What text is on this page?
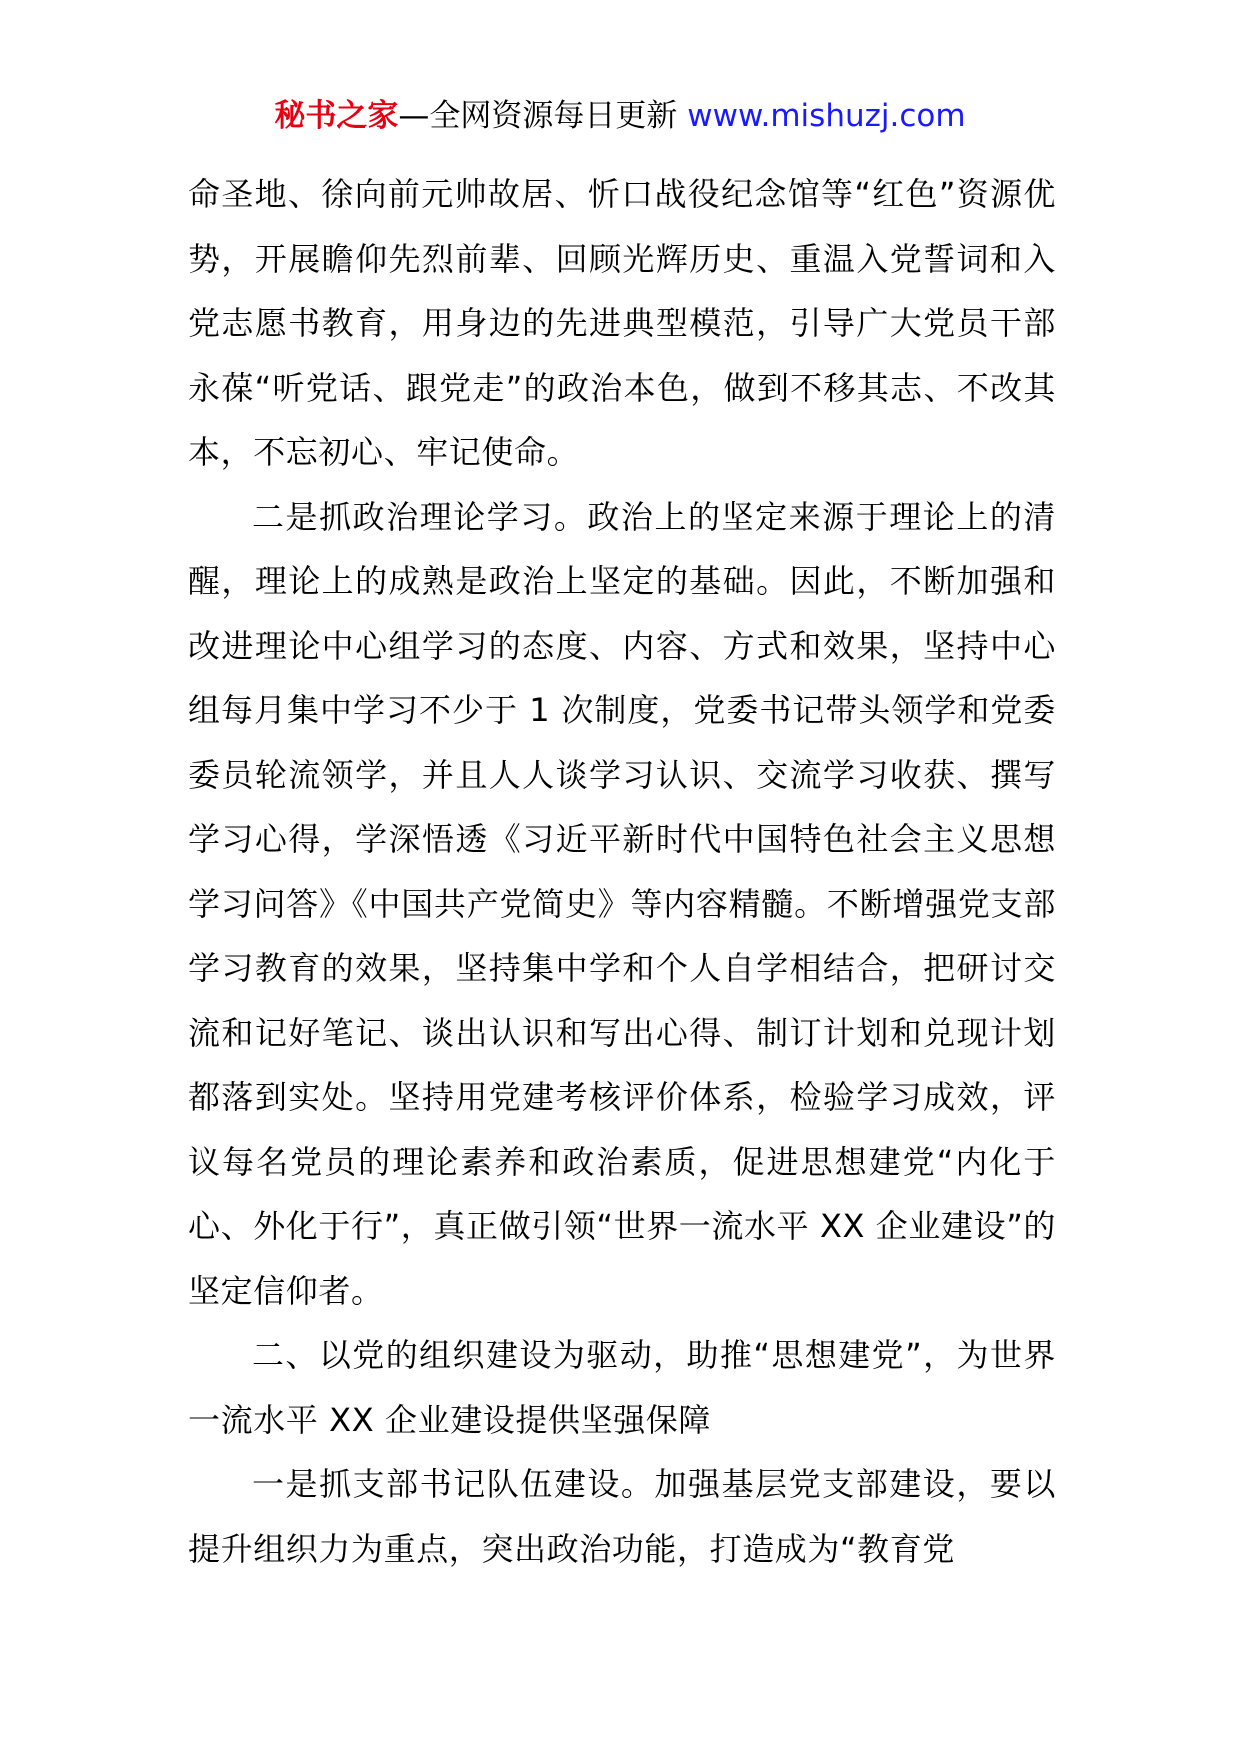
秘书之家—全网资源每日更新 www.mishuzj.com

命圣地、徐向前元帅故居、忻口战役纪念馆等“红色”资源优势，开展瞻仰先烈前辈、回顾光辉历史、重温入党誓词和入党志愿书教育，用身边的先进典型模范，引导广大党员干部永葆“听党话、跟党走”的政治本色，做到不移其志、不改其本，不忘初心、牢记使命。

二是抓政治理论学习。政治上的坚定来源于理论上的清醒，理论上的成熟是政治上坚定的基础。因此，不断加强和改进理论中心组学习的态度、内容、方式和效果，坚持中心组每月集中学习不少于 1 次制度，党委书记带头领学和党委委员轮流领学，并且人人谈学习认识、交流学习收获、撰写学习心得，学深悟透《习近平新时代中国特色社会主义思想学习问答》《中国共产党简史》等内容精髓。不断增强党支部学习教育的效果，坚持集中学和个人自学相结合，把研讨交流和记好笔记、谈出认识和写出心得、制订计划和兑现计划都落到实处。坚持用党建考核评价体系，检验学习成效，评议每名党员的理论素养和政治素质，促进思想建党“内化于心、外化于行”，真正做引领“世界一流水平 XX 企业建设”的坚定信仰者。

二、以党的组织建设为驱动，助推“思想建党”，为世界一流水平 XX 企业建设提供坚强保障

一是抓支部书记队伍建设。加强基层党支部建设，要以提升组织力为重点，突出政治功能，打造成为“教育党
